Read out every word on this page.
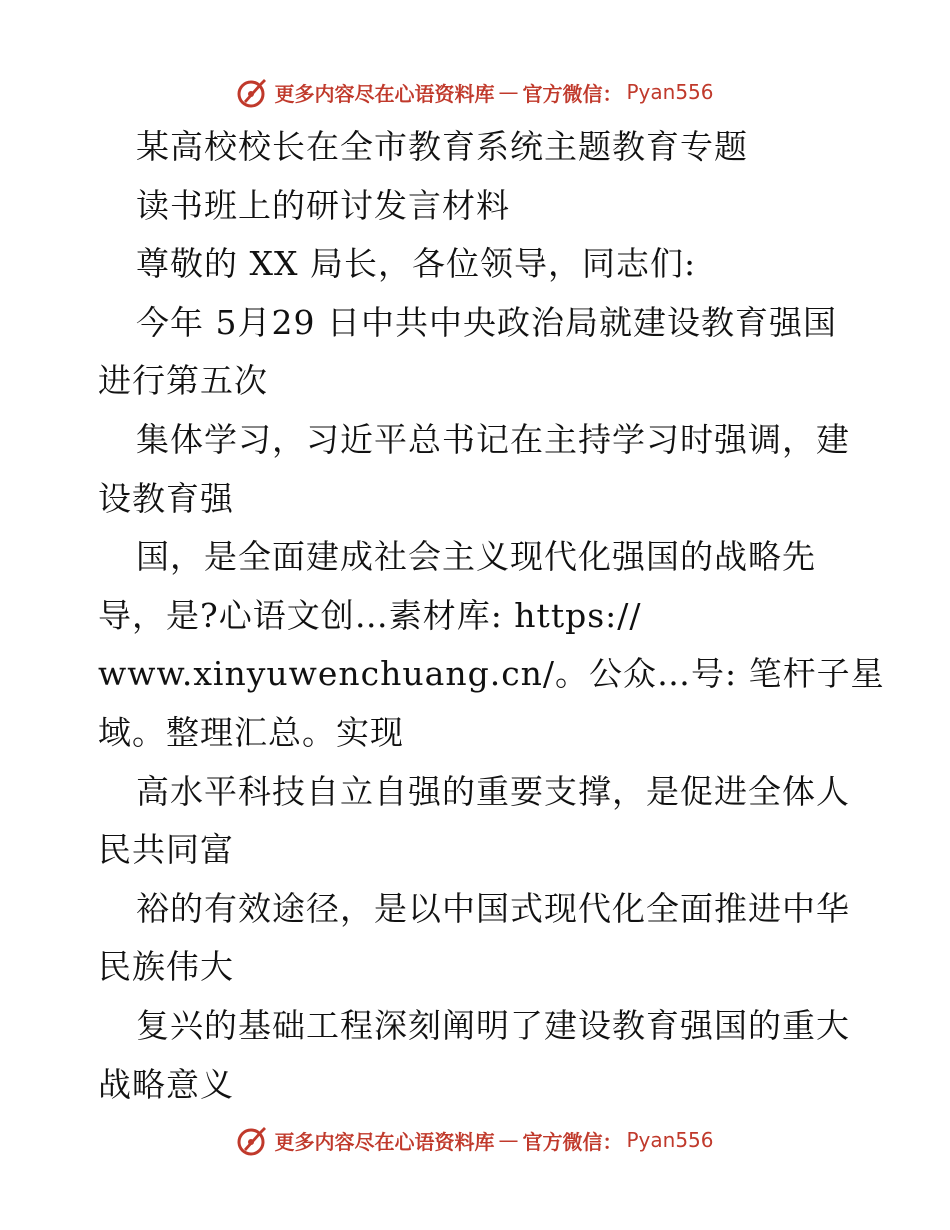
更多内容尽在心语资料库 — 官方微信： Pyan556
某高校校长在全市教育系统主题教育专题
读书班上的研讨发言材料
尊敬的 XX 局长，各位领导，同志们:
今年 5月29 日中共中央政治局就建设教育强国
进行第五次
集体学习，习近平总书记在主持学习时强调，建
设教育强
国，是全面建成社会主义现代化强国的战略先
导，是?心语文创…素材库: https://
www.xinyuwenchuang.cn/。公众…号: 笔杆子星
域。整理汇总。实现
高水平科技自立自强的重要支撑，是促进全体人
民共同富
裕的有效途径，是以中国式现代化全面推进中华
民族伟大
复兴的基础工程深刻阐明了建设教育强国的重大
战略意义
更多内容尽在心语资料库 — 官方微信： Pyan556
